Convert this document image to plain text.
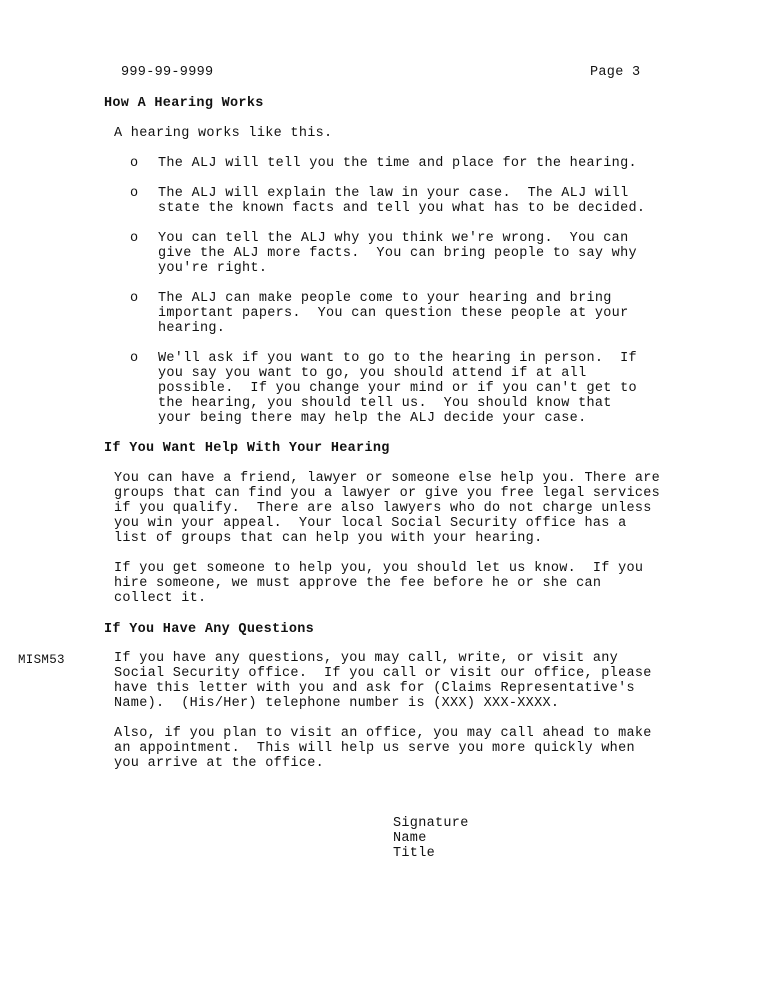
999-99-9999	Page 3
How A Hearing Works
A hearing works like this.
o The ALJ will tell you the time and place for the hearing.
o The ALJ will explain the law in your case.  The ALJ will
state the known facts and tell you what has to be decided.
o You can tell the ALJ why you think we're wrong.  You can
give the ALJ more facts.  You can bring people to say why
you're right.
o The ALJ can make people come to your hearing and bring
important papers.  You can question these people at your
hearing.
o We'll ask if you want to go to the hearing in person.  If
you say you want to go, you should attend if at all
possible.  If you change your mind or if you can't get to
the hearing, you should tell us.  You should know that
your being there may help the ALJ decide your case.
If You Want Help With Your Hearing
You can have a friend, lawyer or someone else help you. There are
groups that can find you a lawyer or give you free legal services
if you qualify.  There are also lawyers who do not charge unless
you win your appeal.  Your local Social Security office has a
list of groups that can help you with your hearing.
If you get someone to help you, you should let us know.  If you
hire someone, we must approve the fee before he or she can
collect it.
If You Have Any Questions
MISM53	If you have any questions, you may call, write, or visit any
Social Security office.  If you call or visit our office, please
have this letter with you and ask for (Claims Representative's
Name).  (His/Her) telephone number is (XXX) XXX-XXXX.
Also, if you plan to visit an office, you may call ahead to make
an appointment.  This will help us serve you more quickly when
you arrive at the office.
Signature
Name
Title
